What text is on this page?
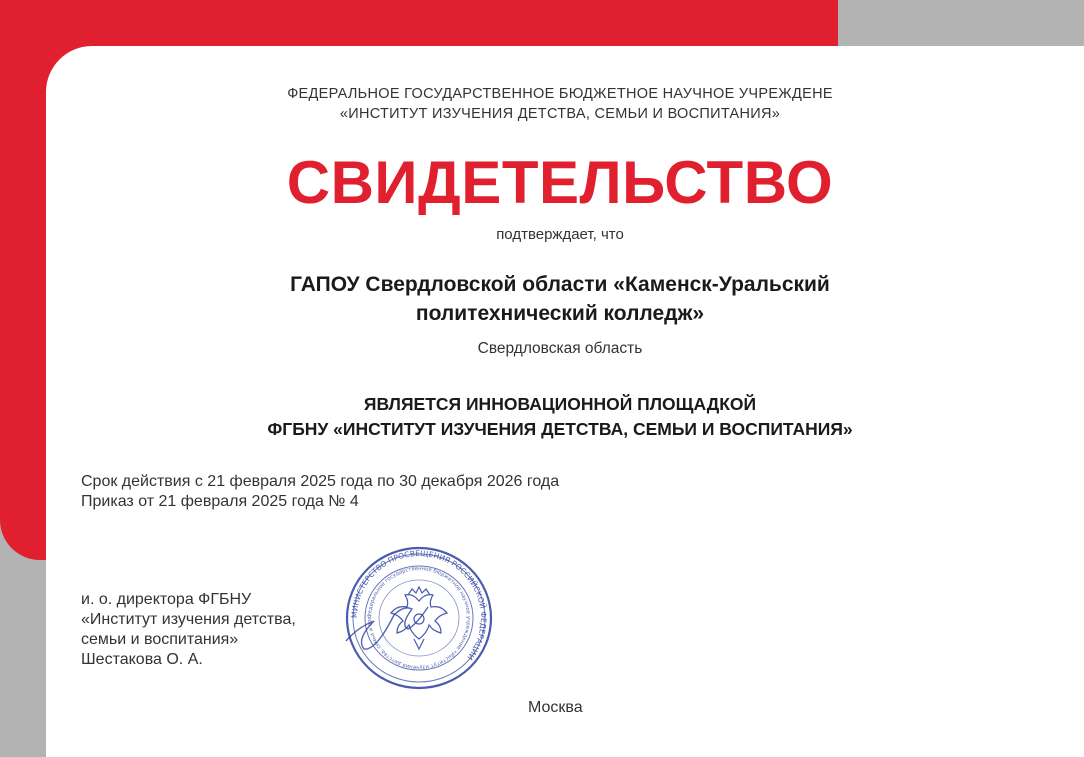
ФЕДЕРАЛЬНОЕ ГОСУДАРСТВЕННОЕ БЮДЖЕТНОЕ НАУЧНОЕ УЧРЕЖДЕНЕ
«ИНСТИТУТ ИЗУЧЕНИЯ ДЕТСТВА, СЕМЬИ И ВОСПИТАНИЯ»
СВИДЕТЕЛЬСТВО
подтверждает, что
ГАПОУ Свердловской области «Каменск-Уральский
политехнический колледж»
Свердловская область
ЯВЛЯЕТСЯ ИННОВАЦИОННОЙ ПЛОЩАДКОЙ
ФГБНУ «ИНСТИТУТ ИЗУЧЕНИЯ ДЕТСТВА, СЕМЬИ И ВОСПИТАНИЯ»
Срок действия с 21 февраля 2025 года по 30 декабря 2026 года
Приказ от 21 февраля 2025 года № 4
и. о. директора ФГБНУ
«Институт изучения детства,
семьи и воспитания»
Шестакова О. А.
МИНИСТЕРСТВО ПРОСВЕЩЕНИЯ РОССИЙСКОЙ ФЕДЕРАЦИИ
Федеральное государственное бюджетное научное учреждение «Институт изучения детства, семьи и вос
Москва
